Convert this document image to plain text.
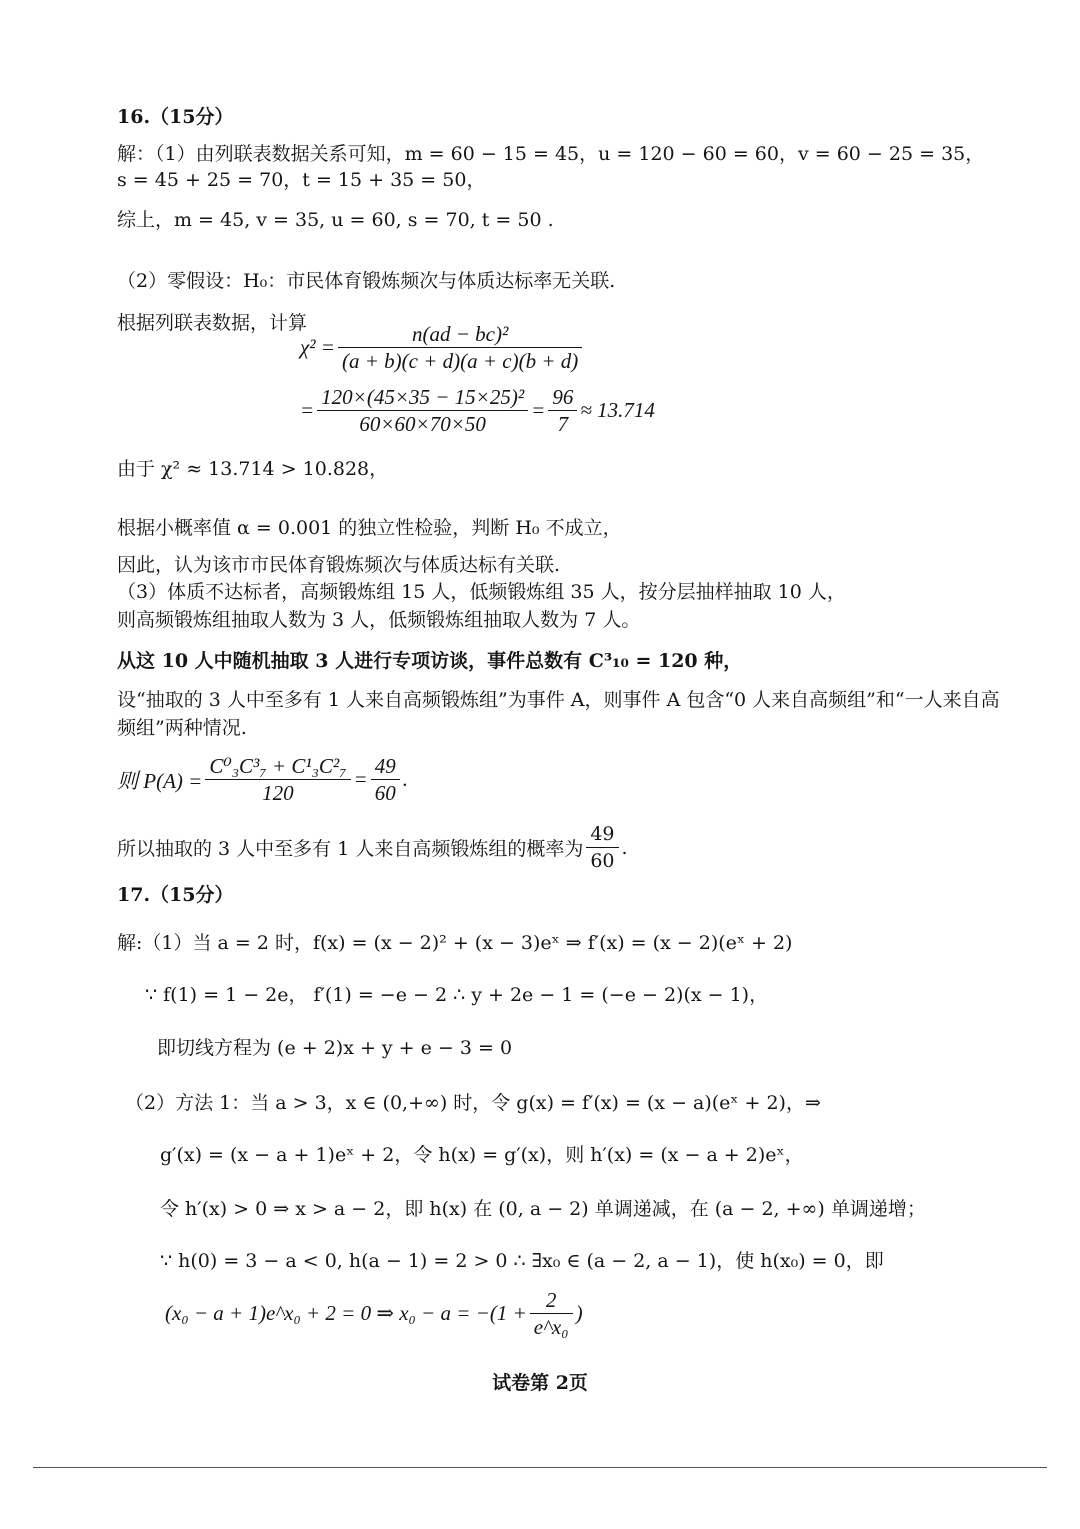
16.（15分）
解：（1）由列联表数据关系可知，m = 60 − 15 = 45，u = 120 − 60 = 60，v = 60 − 25 = 35，
s = 45 + 25 = 70，t = 15 + 35 = 50，
综上，m = 45, v = 35, u = 60, s = 70, t = 50 .
（2）零假设：H₀：市民体育锻炼频次与体质达标率无关联.
根据列联表数据，计算
$\chi^2 = \frac{\text{n(ad − bc)²}}{(a + b)(c + d)(a + c)(b + d)}$
= $\frac{\text{120×(45×35 − 15×25)²}}{60\times 60\times 70\times 50} = \frac{96}{7} \approx 13.714$
由于 χ² ≈ 13.714 > 10.828，
根据小概率值 α = 0.001 的独立性检验，判断 H₀ 不成立，
因此，认为该市市民体育锻炼频次与体质达标有关联.
（3）体质不达标者，高频锻炼组 15 人，低频锻炼组 35 人，按分层抽样抽取 10 人，
则高频锻炼组抽取人数为 3 人，低频锻炼组抽取人数为 7 人。
从这 10 人中随机抽取 3 人进行专项访谈，事件总数有 C³₁₀ = 120 种，
设“抽取的 3 人中至多有 1 人来自高频锻炼组”为事件 A，则事件 A 包含“0 人来自高频组”和“一人来自高
频组”两种情况.
则 $P(A) = \frac{\text{C⁰₃C³₇ + C¹₃C²₇}}{120} = \frac{49}{60}$ .
所以抽取的 3 人中至多有 1 人来自高频锻炼组的概率为 $\frac{49}{60}$ .
17.（15分）
解:（1）当 a = 2 时，f(x) = (x − 2)² + (x − 3)eˣ ⇒ f′(x) = (x − 2)(eˣ + 2)
∵ f(1) = 1 − 2e， f′(1) = −e − 2 ∴ y + 2e − 1 = (−e − 2)(x − 1)，
即切线方程为 (e + 2)x + y + e − 3 = 0
（2）方法 1：当 a > 3，x ∈ (0,+∞) 时，令 g(x) = f′(x) = (x − a)(eˣ + 2)，⇒
g′(x) = (x − a + 1)eˣ + 2，令 h(x) = g′(x)，则 h′(x) = (x − a + 2)eˣ，
令 h′(x) > 0 ⇒ x > a − 2，即 h(x) 在 (0, a − 2) 单调递减，在 (a − 2, +∞) 单调递增；
∵ h(0) = 3 − a < 0, h(a − 1) = 2 > 0 ∴ ∃x₀ ∈ (a − 2, a − 1)，使 h(x₀) = 0，即
(x₀ − a + 1)e^x₀ + 2 = 0 ⇒ $x_0 - a = -(1 + \frac{2}{\text{e\textasciicircum{}x₀}}$ )
试卷第 2页
